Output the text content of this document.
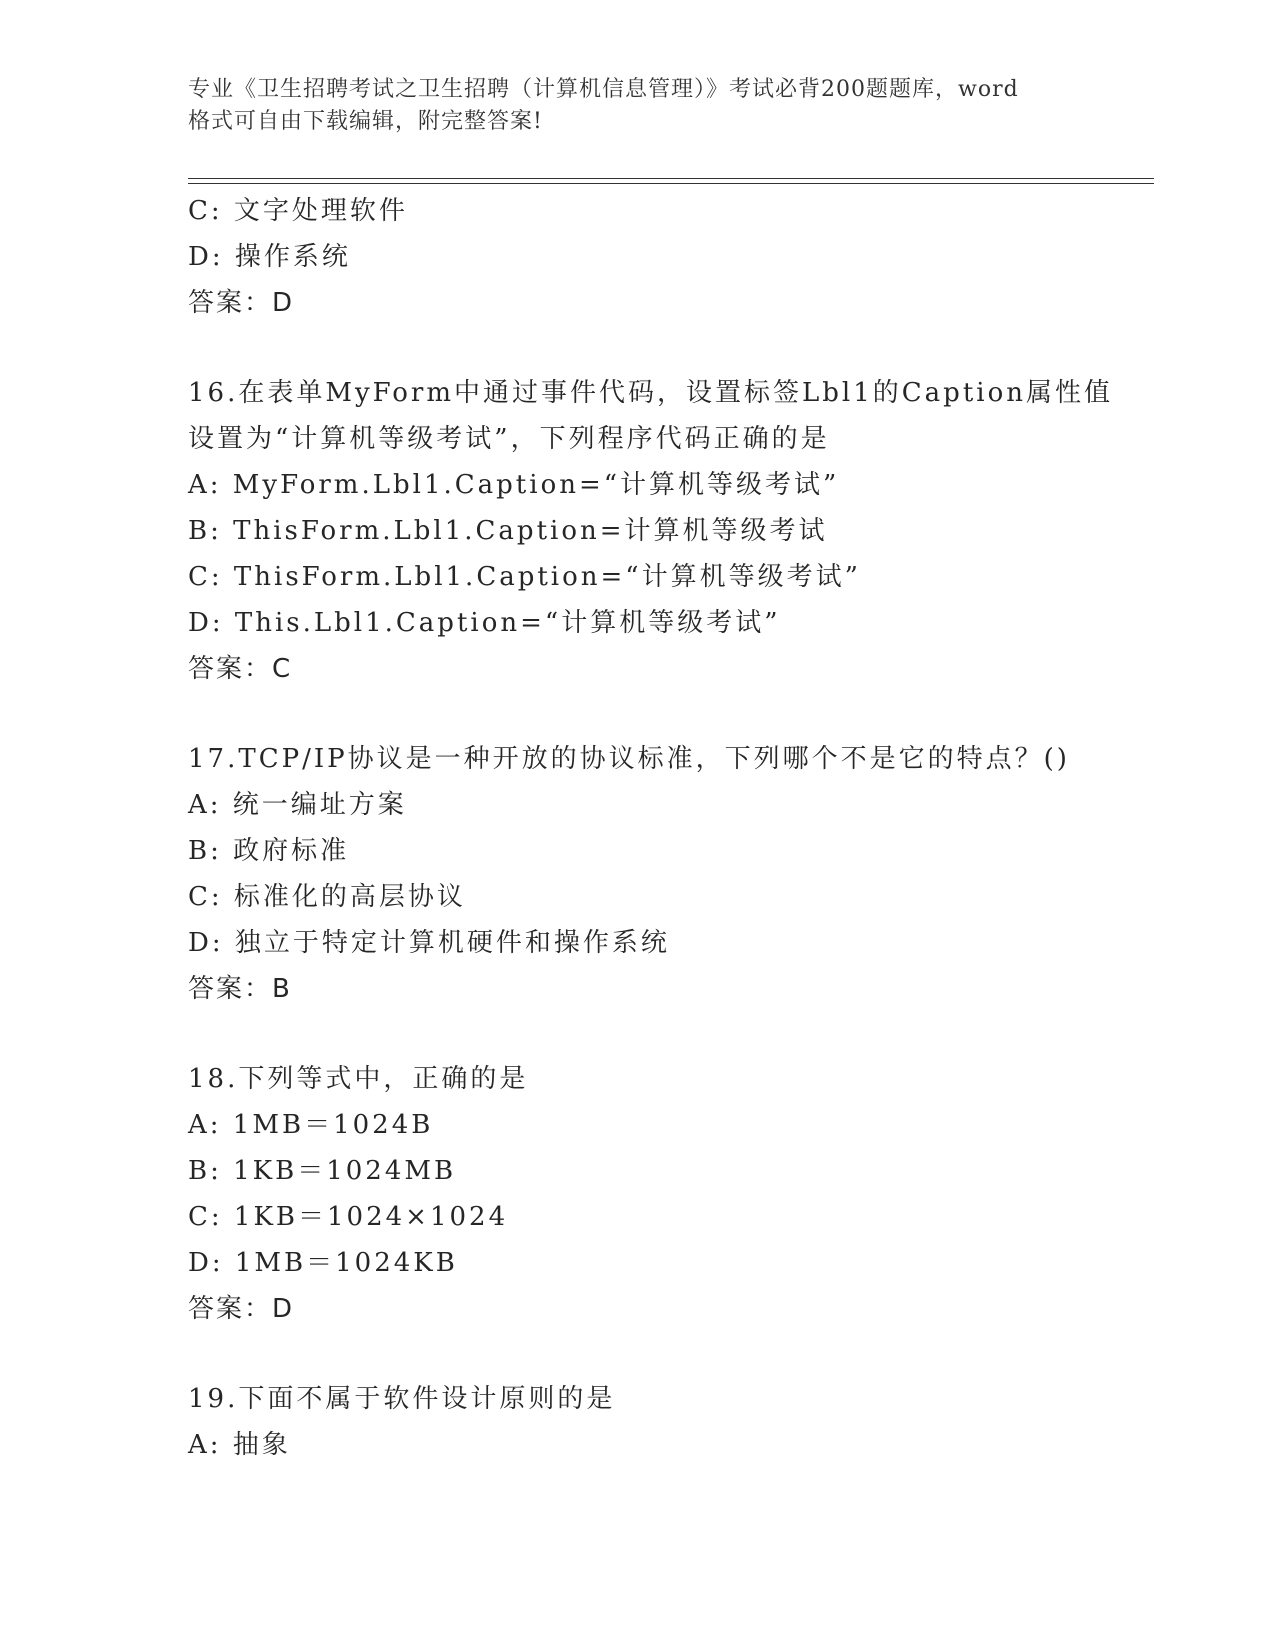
专业《卫生招聘考试之卫生招聘（计算机信息管理）》考试必背200题题库，word
格式可自由下载编辑，附完整答案!
C: 文字处理软件
D: 操作系统
答案：D
16.在表单MyForm中通过事件代码，设置标签Lbl1的Caption属性值
设置为“计算机等级考试”，下列程序代码正确的是
A: MyForm.Lbl1.Caption=“计算机等级考试”
B: ThisForm.Lbl1.Caption=计算机等级考试
C: ThisForm.Lbl1.Caption=“计算机等级考试”
D: This.Lbl1.Caption=“计算机等级考试”
答案：C
17.TCP/IP协议是一种开放的协议标准，下列哪个不是它的特点？()
A: 统一编址方案
B: 政府标准
C: 标准化的高层协议
D: 独立于特定计算机硬件和操作系统
答案：B
18.下列等式中，正确的是
A: 1MB＝1024B
B: 1KB＝1024MB
C: 1KB＝1024×1024
D: 1MB＝1024KB
答案：D
19.下面不属于软件设计原则的是
A: 抽象
